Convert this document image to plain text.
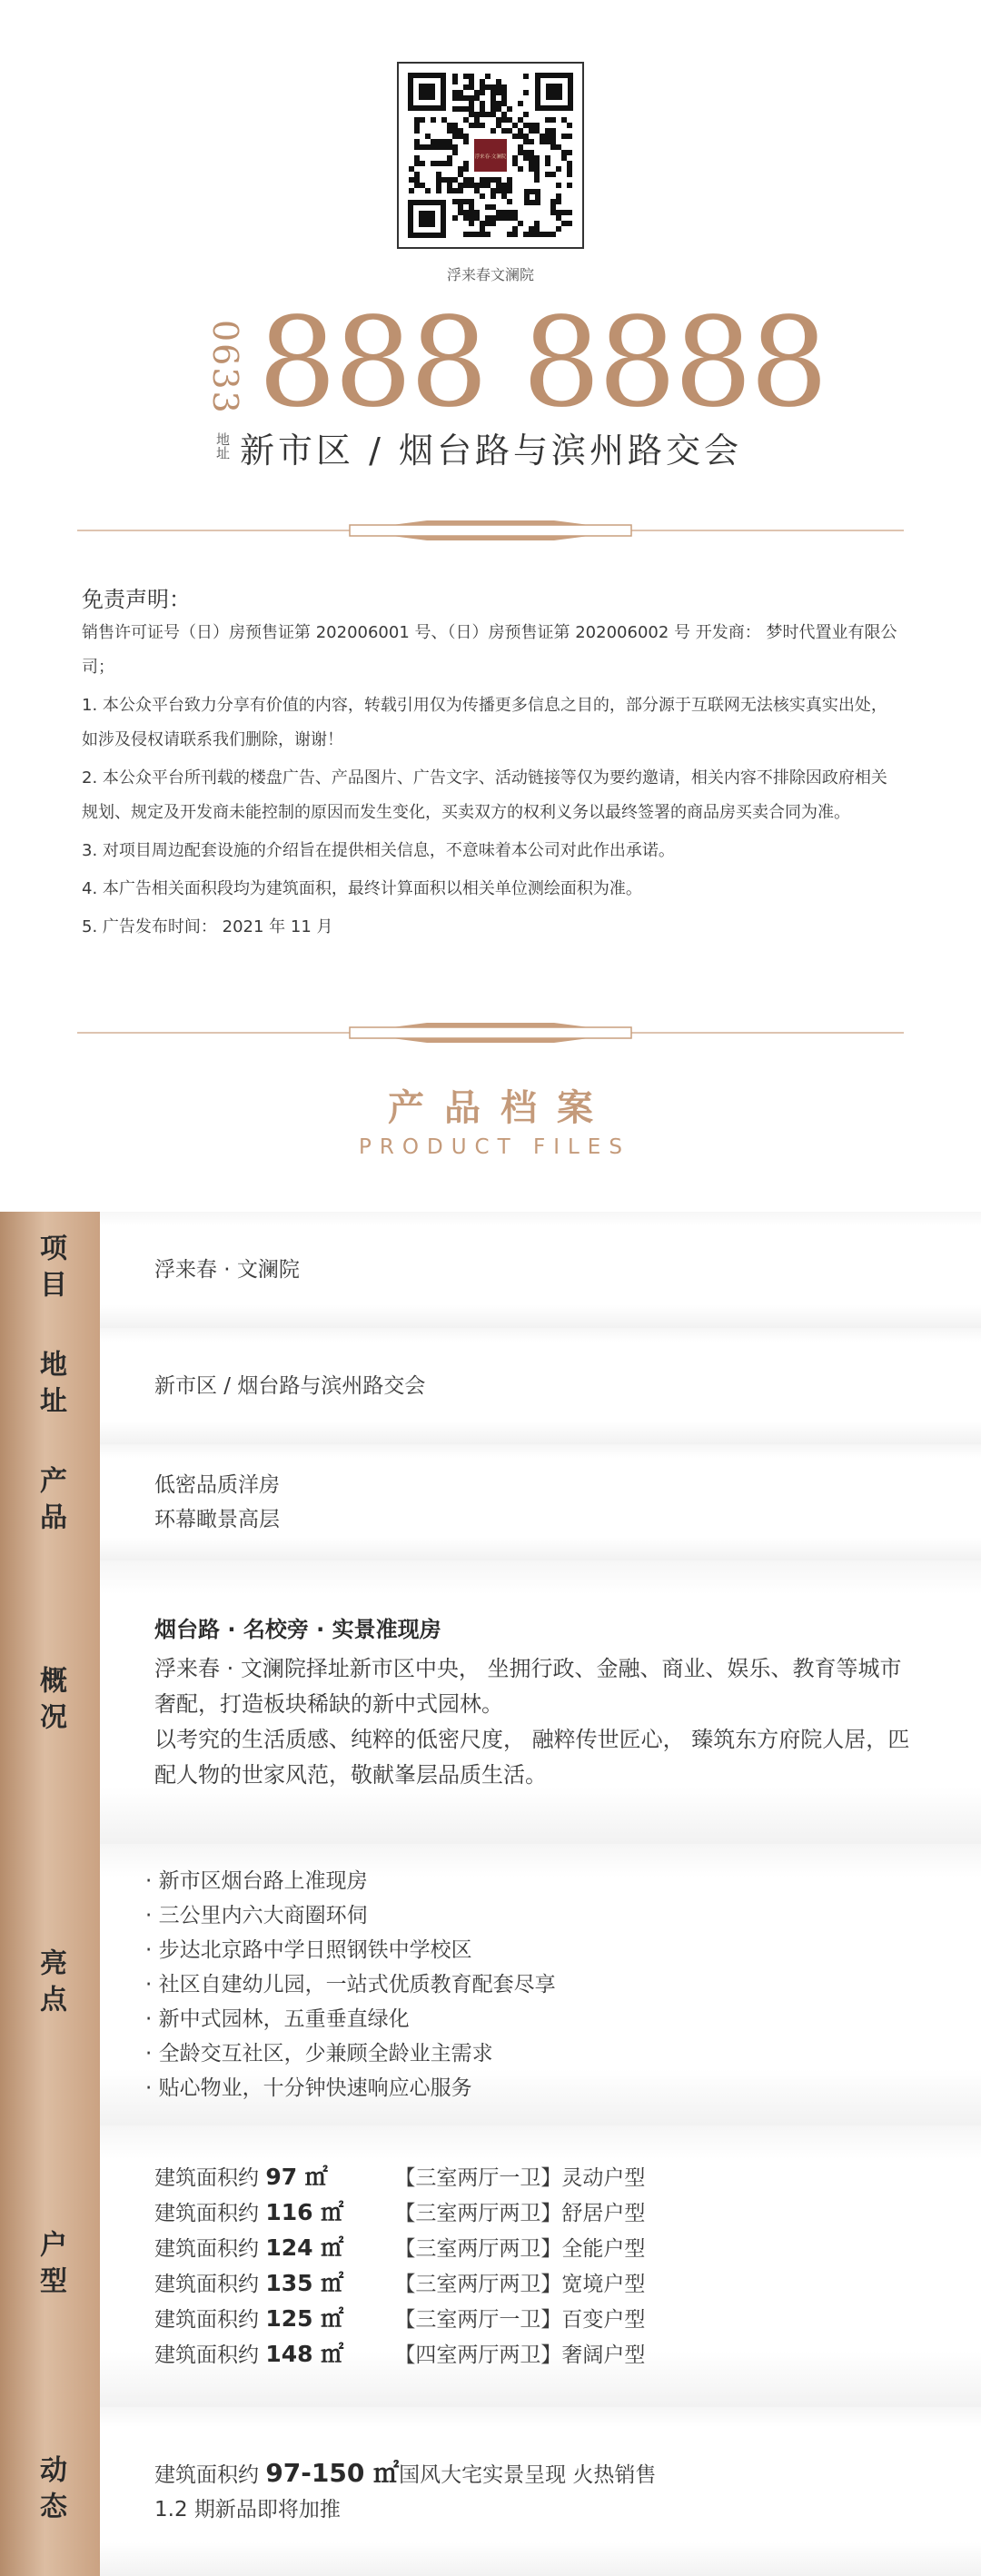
浮来春·文澜院
浮来春文澜院
0633 888 8888
地址 新市区 / 烟台路与滨州路交会
免责声明：

销售许可证号（日）房预售证第 202006001 号、（日）房预售证第 202006002 号 开发商： 梦时代置业有限公司；

1. 本公众平台致力分享有价值的内容，转载引用仅为传播更多信息之目的，部分源于互联网无法核实真实出处，如涉及侵权请联系我们删除，谢谢！

2. 本公众平台所刊载的楼盘广告、产品图片、广告文字、活动链接等仅为要约邀请，相关内容不排除因政府相关规划、规定及开发商未能控制的原因而发生变化，买卖双方的权利义务以最终签署的商品房买卖合同为准。

3. 对项目周边配套设施的介绍旨在提供相关信息，不意味着本公司对此作出承诺。

4. 本广告相关面积段均为建筑面积，最终计算面积以相关单位测绘面积为准。

5. 广告发布时间： 2021 年 11 月

产品档案
PRODUCT FILES
项目	浮来春 · 文澜院
地址	新市区 / 烟台路与滨州路交会
产品	低密品质洋房
环幕瞰景高层
概况
烟台路 · 名校旁 · 实景准现房
浮来春 · 文澜院择址新市区中央， 坐拥行政、金融、商业、娱乐、教育等城市奢配，打造板块稀缺的新中式园林。
以考究的生活质感、纯粹的低密尺度， 融粹传世匠心， 臻筑东方府院人居，匹配人物的世家风范，敬献峯层品质生活。
亮点
· 新市区烟台路上准现房
· 三公里内六大商圈环伺
· 步达北京路中学日照钢铁中学校区
· 社区自建幼儿园，一站式优质教育配套尽享
· 新中式园林，五重垂直绿化
· 全龄交互社区，少兼顾全龄业主需求
· 贴心物业，十分钟快速响应心服务
户型
建筑面积约 97 ㎡	【三室两厅一卫】灵动户型
建筑面积约 116 ㎡ 【三室两厅两卫】舒居户型
建筑面积约 124 ㎡ 【三室两厅两卫】全能户型
建筑面积约 135 ㎡ 【三室两厅两卫】宽境户型
建筑面积约 125 ㎡ 【三室两厅一卫】百变户型
建筑面积约 148 ㎡ 【四室两厅两卫】奢阔户型
动态	建筑面积约 97-150 ㎡国风大宅实景呈现 火热销售
1.2 期新品即将加推
